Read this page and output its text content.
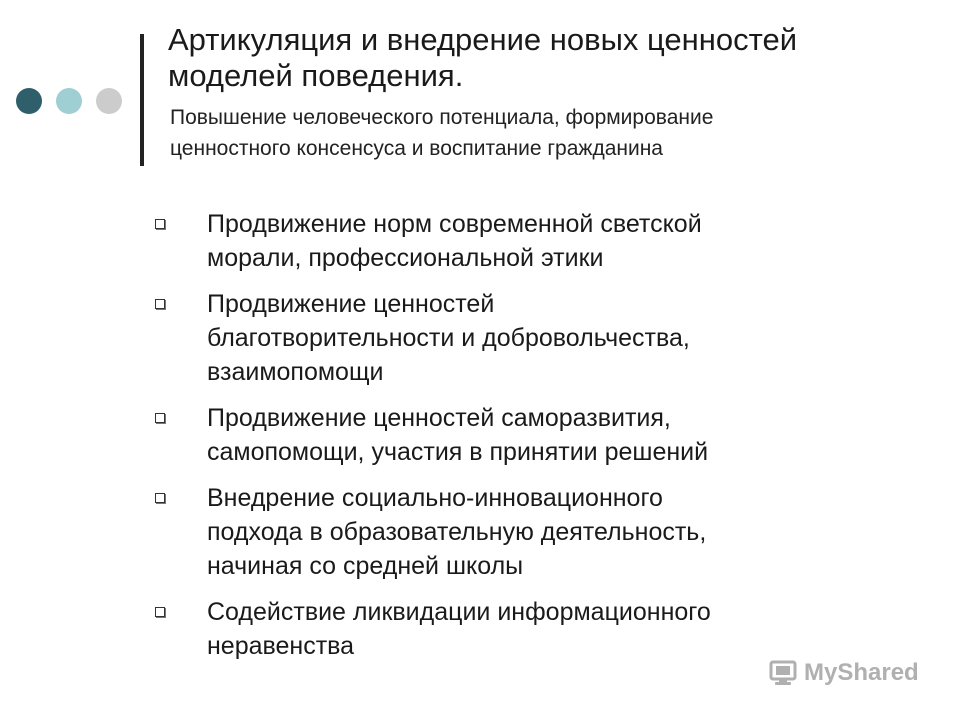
Артикуляция и внедрение новых ценностей
моделей поведения.
Повышение человеческого потенциала, формирование
ценностного консенсуса и воспитание гражданина
Продвижение норм современной светской
морали, профессиональной этики
Продвижение ценностей
благотворительности и добровольчества,
взаимопомощи
Продвижение ценностей саморазвития,
самопомощи, участия в принятии решений
Внедрение социально-инновационного
подхода в образовательную деятельность,
начиная со средней школы
Содействие ликвидации информационного
неравенства
MyShared
